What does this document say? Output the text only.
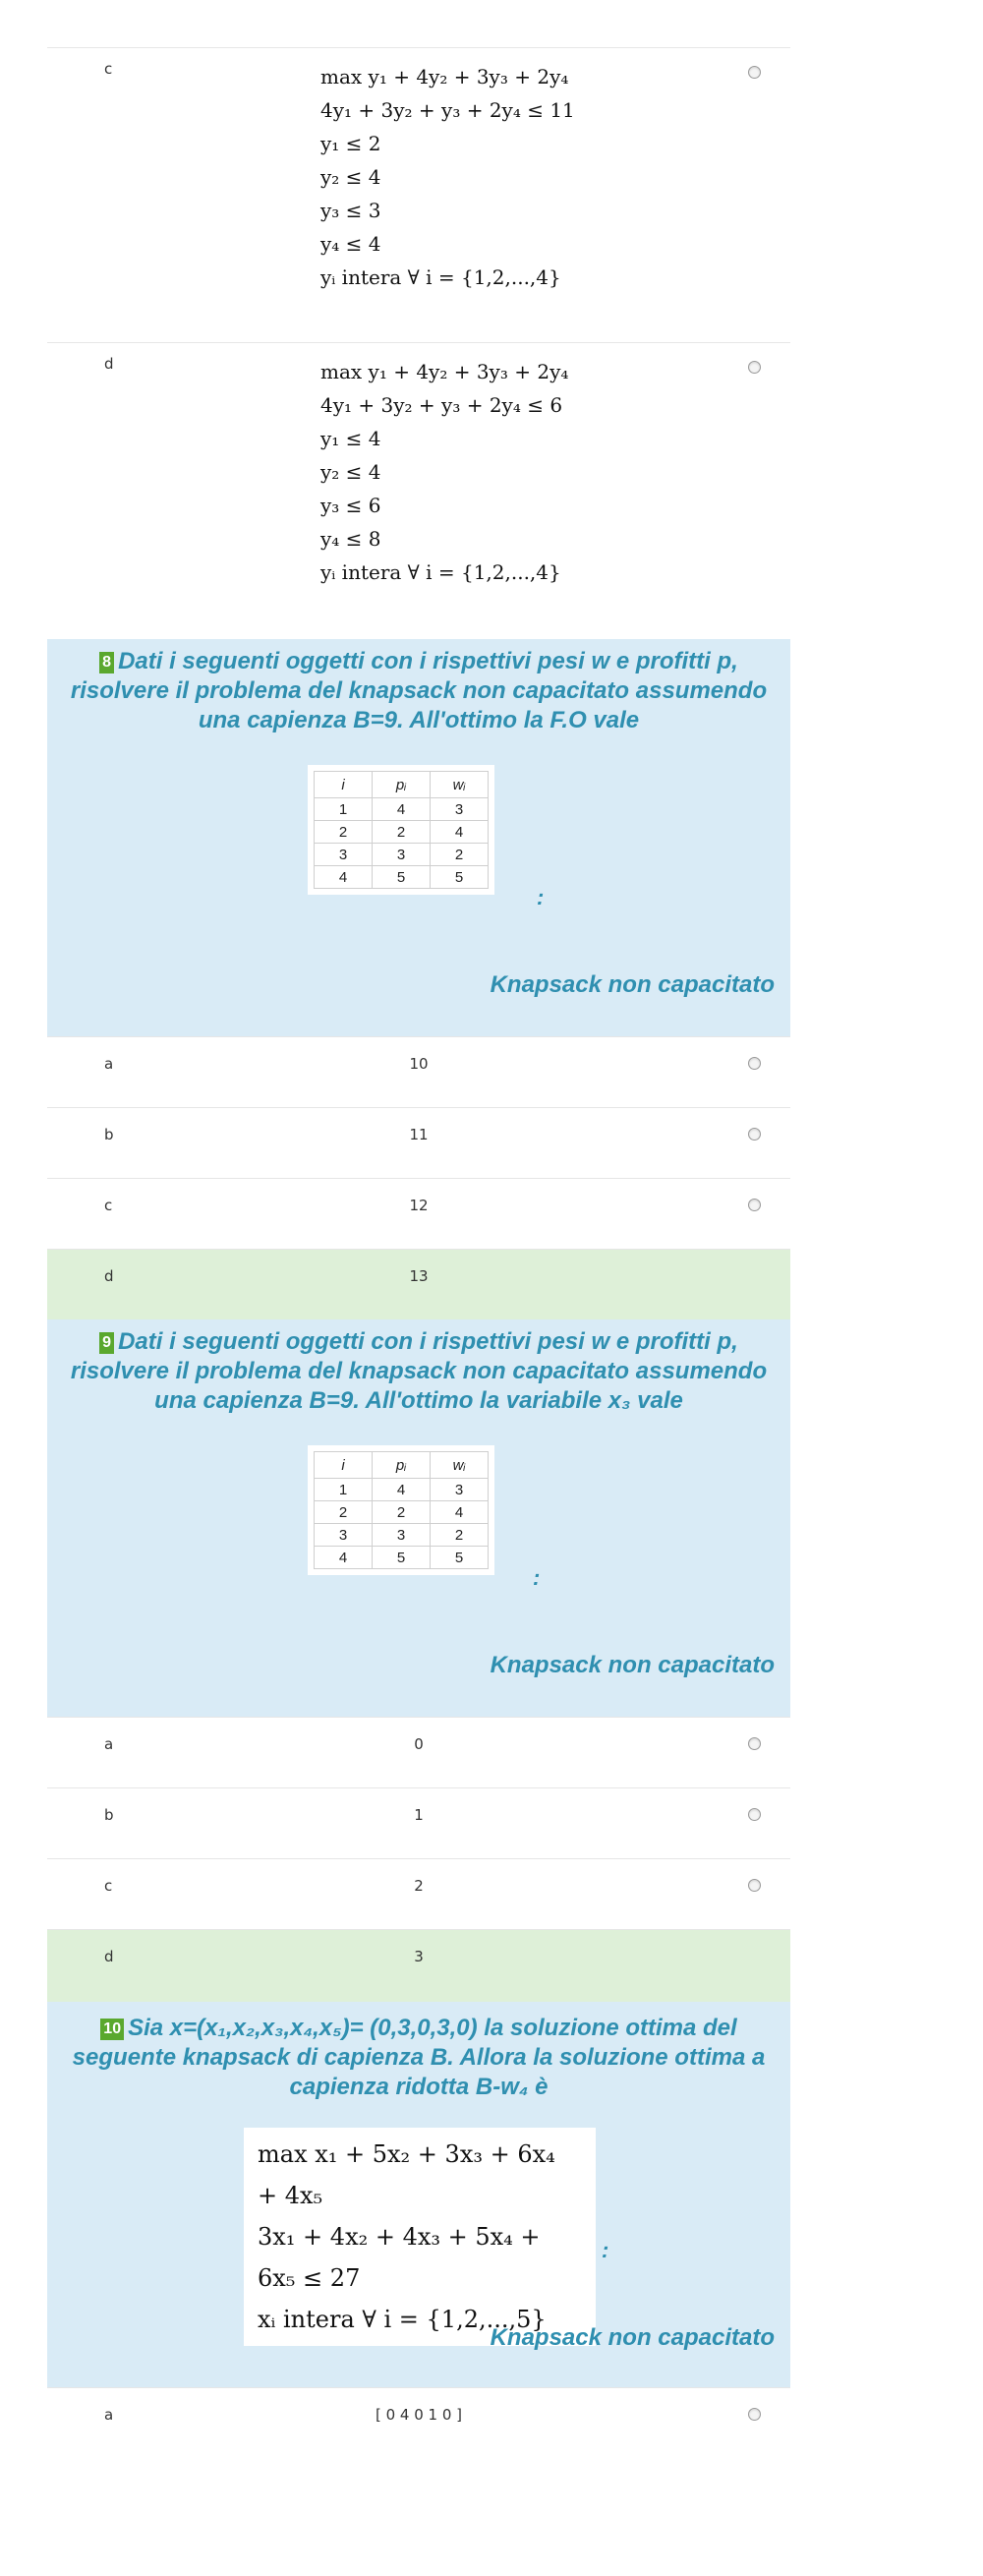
c	max y₁ + 4y₂ + 3y₃ + 2y₄
4y₁ + 3y₂ + y₃ + 2y₄ ≤ 11
y₁ ≤ 2
y₂ ≤ 4
y₃ ≤ 3
y₄ ≤ 4
yᵢ intera ∀ i = {1,2,...,4}
d	max y₁ + 4y₂ + 3y₃ + 2y₄
4y₁ + 3y₂ + y₃ + 2y₄ ≤ 6
y₁ ≤ 4
y₂ ≤ 4
y₃ ≤ 6
y₄ ≤ 8
yᵢ intera ∀ i = {1,2,...,4}
8 Dati i seguenti oggetti con i rispettivi pesi w e profitti p, risolvere il problema del knapsack non capacitato assumendo una capienza B=9. All'ottimo la F.O vale
i	pᵢ	wᵢ
1	4	3
2	2	4
3	3	2
4	5	5
:
Knapsack non capacitato
a	10
b	11
c	12
d	13
9 Dati i seguenti oggetti con i rispettivi pesi w e profitti p, risolvere il problema del knapsack non capacitato assumendo una capienza B=9. All'ottimo la variabile x₃ vale
i	pᵢ	wᵢ
1	4	3
2	2	4
3	3	2
4	5	5
:
Knapsack non capacitato
a	0
b	1
c	2
d	3
10 Sia x=(x₁,x₂,x₃,x₄,x₅)= (0,3,0,3,0) la soluzione ottima del seguente knapsack di capienza B. Allora la soluzione ottima a capienza ridotta B-w₄ è
max x₁ + 5x₂ + 3x₃ + 6x₄ + 4x₅
3x₁ + 4x₂ + 4x₃ + 5x₄ + 6x₅ ≤ 27
xᵢ intera ∀ i = {1,2,...,5}
:
Knapsack non capacitato
a	[ 0 4 0 1 0 ]
